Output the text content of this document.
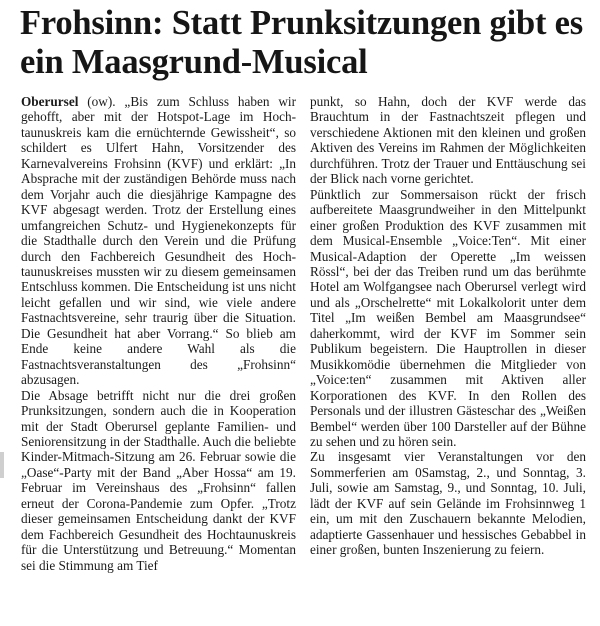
Frohsinn: Statt Prunksitzungen gibt es ein Maasgrund-Musical

Oberursel (ow). „Bis zum Schluss haben wir gehofft, aber mit der Hotspot-Lage im Hochtaunuskreis kam die ernüchternde Gewissheit“, so schildert es Ulfert Hahn, Vorsitzender des Karnevalvereins Frohsinn (KVF) und erklärt: „In Absprache mit der zuständigen Behörde muss nach dem Vorjahr auch die diesjährige Kampagne des KVF abgesagt werden. Trotz der Erstellung eines umfangreichen Schutz- und Hygienekonzepts für die Stadthalle durch den Verein und die Prüfung durch den Fachbereich Gesundheit des Hochtaunuskreises mussten wir zu diesem gemeinsamen Entschluss kommen. Die Entscheidung ist uns nicht leicht gefallen und wir sind, wie viele andere Fastnachtsvereine, sehr traurig über die Situation. Die Gesundheit hat aber Vorrang.“ So blieb am Ende keine andere Wahl als die Fastnachtsveranstaltungen des „Frohsinn“ abzusagen.

Die Absage betrifft nicht nur die drei großen Prunksitzungen, sondern auch die in Kooperation mit der Stadt Oberursel geplante Familien- und Seniorensitzung in der Stadthalle. Auch die beliebte Kinder-Mitmach-Sitzung am 26. Februar sowie die „Oase“-Party mit der Band „Aber Hossa“ am 19. Februar im Vereinshaus des „Frohsinn“ fallen erneut der Corona-Pandemie zum Opfer. „Trotz dieser gemeinsamen Entscheidung dankt der KVF dem Fachbereich Gesundheit des Hochtaunuskreis für die Unterstützung und Betreuung.“ Momentan sei die Stimmung am Tief

punkt, so Hahn, doch der KVF werde das Brauchtum in der Fastnachtszeit pflegen und verschiedene Aktionen mit den kleinen und großen Aktiven des Vereins im Rahmen der Möglichkeiten durchführen. Trotz der Trauer und Enttäuschung sei der Blick nach vorne gerichtet.

Pünktlich zur Sommersaison rückt der frisch aufbereitete Maasgrundweiher in den Mittelpunkt einer großen Produktion des KVF zusammen mit dem Musical-Ensemble „Voice:Ten“. Mit einer Musical-Adaption der Operette „Im weissen Rössl“, bei der das Treiben rund um das berühmte Hotel am Wolfgangsee nach Oberursel verlegt wird und als „Orschelrette“ mit Lokalkolorit unter dem Titel „Im weißen Bembel am Maasgrundsee“ daherkommt, wird der KVF im Sommer sein Publikum begeistern. Die Hauptrollen in dieser Musikkomödie übernehmen die Mitglieder von „Voice:ten“ zusammen mit Aktiven aller Korporationen des KVF. In den Rollen des Personals und der illustren Gästeschar des „Weißen Bembel“ werden über 100 Darsteller auf der Bühne zu sehen und zu hören sein.

Zu insgesamt vier Veranstaltungen vor den Sommerferien am 0Samstag, 2., und Sonntag, 3. Juli, sowie am Samstag, 9., und Sonntag, 10. Juli, lädt der KVF auf sein Gelände im Frohsinnweg 1 ein, um mit den Zuschauern bekannte Melodien, adaptierte Gassenhauer und hessisches Gebabbel in einer großen, bunten Inszenierung zu feiern.
